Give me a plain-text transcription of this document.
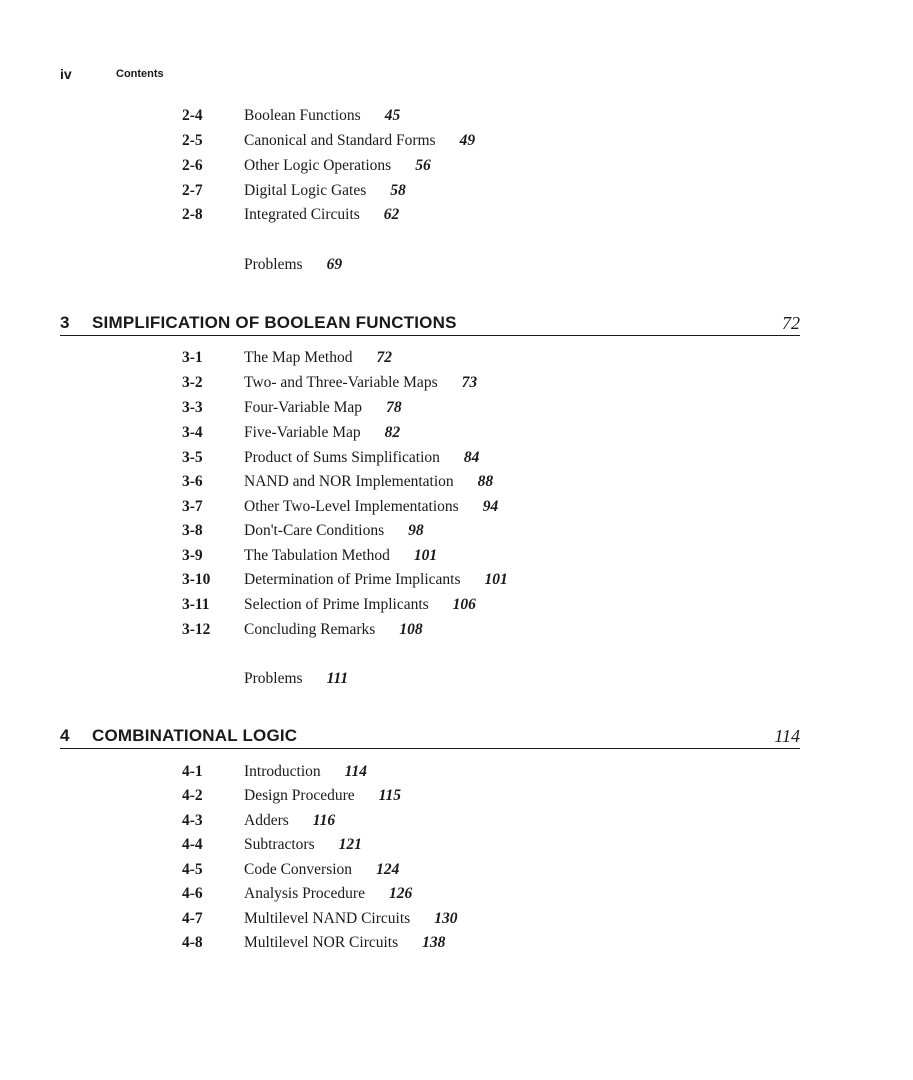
iv	Contents
2-4	Boolean Functions 45
2-5	Canonical and Standard Forms 49
2-6	Other Logic Operations 56
2-7	Digital Logic Gates 58
2-8	Integrated Circuits 62
Problems 69
3 SIMPLIFICATION OF BOOLEAN FUNCTIONS	72
3-1	The Map Method 72
3-2	Two- and Three-Variable Maps 73
3-3	Four-Variable Map 78
3-4	Five-Variable Map 82
3-5	Product of Sums Simplification 84
3-6	NAND and NOR Implementation 88
3-7	Other Two-Level Implementations 94
3-8	Don't-Care Conditions 98
3-9	The Tabulation Method 101
3-10 Determination of Prime Implicants 101
3-11 Selection of Prime Implicants 106
3-12 Concluding Remarks 108
Problems 111
4 COMBINATIONAL LOGIC	114
4-1	Introduction 114
4-2	Design Procedure 115
4-3	Adders 116
4-4	Subtractors 121
4-5	Code Conversion 124
4-6	Analysis Procedure 126
4-7	Multilevel NAND Circuits 130
4-8	Multilevel NOR Circuits 138
